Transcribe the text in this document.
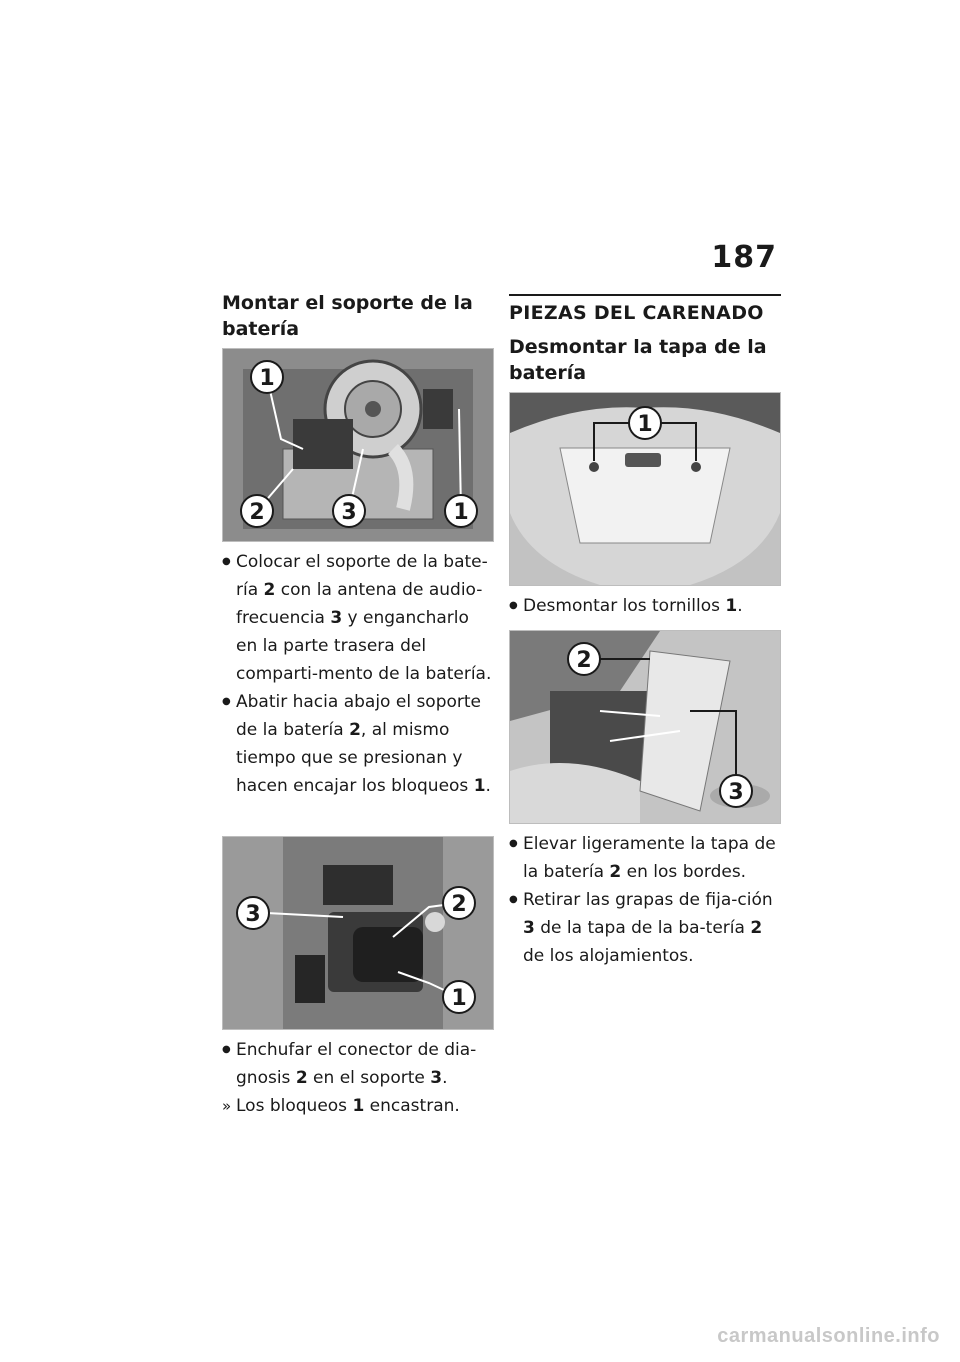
187
Montar el soporte de la batería
1
2	3	1
● Colocar el soporte de la bate-ría 2 con la antena de audio-frecuencia 3 y engancharlo en la parte trasera del comparti-mento de la batería.
● Abatir hacia abajo el soporte de la batería 2, al mismo tiempo que se presionan y hacen encajar los bloqueos 1.
3	2
1
● Enchufar el conector de dia-gnosis 2 en el soporte 3.
» Los bloqueos 1 encastran.
PIEZAS DEL CARENADO
Desmontar la tapa de la batería
1
● Desmontar los tornillos 1.
2
3
● Elevar ligeramente la tapa de la batería 2 en los bordes.
● Retirar las grapas de fija-ción 3 de la tapa de la ba-tería 2 de los alojamientos.
carmanualsonline.info
